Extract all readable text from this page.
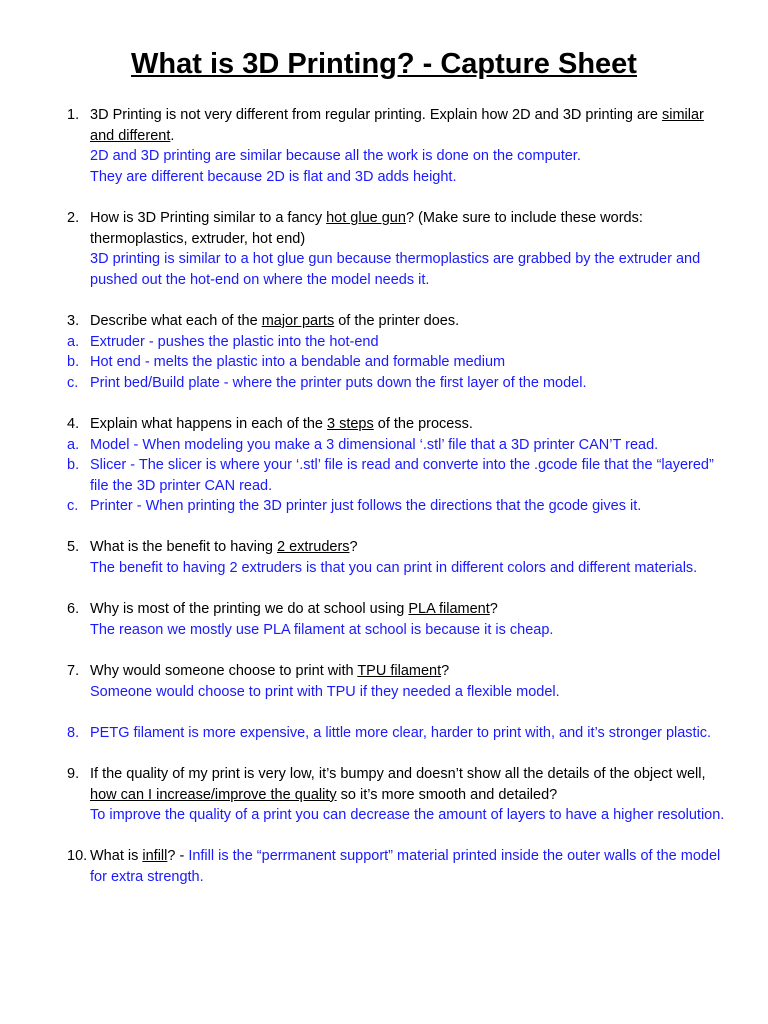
What is 3D Printing? - Capture Sheet
1. 3D Printing is not very different from regular printing. Explain how 2D and 3D printing are similar and different.
2D and 3D printing are similar because all the work is done on the computer.
They are different because 2D is flat and 3D adds height.
2. How is 3D Printing similar to a fancy hot glue gun? (Make sure to include these words: thermoplastics, extruder, hot end)
3D printing is similar to a hot glue gun because thermoplastics are grabbed by the extruder and pushed out the hot-end on where the model needs it.
3. Describe what each of the major parts of the printer does.
a. Extruder - pushes the plastic into the hot-end
b. Hot end - melts the plastic into a bendable and formable medium
c. Print bed/Build plate - where the printer puts down the first layer of the model.
4. Explain what happens in each of the 3 steps of the process.
a. Model - When modeling you make a 3 dimensional ‘.stl’ file that a 3D printer CAN’T read.
b. Slicer - The slicer is where your ‘.stl’ file is read and converte into the .gcode file that the “layered” file the 3D printer CAN read.
c. Printer - When printing the 3D printer just follows the directions that the gcode gives it.
5. What is the benefit to having 2 extruders?
The benefit to having 2 extruders is that you can print in different colors and different materials.
6. Why is most of the printing we do at school using PLA filament?
The reason we mostly use PLA filament at school is because it is cheap.
7. Why would someone choose to print with TPU filament?
Someone would choose to print with TPU if they needed a flexible model.
8. PETG filament is more expensive, a little more clear, harder to print with, and it’s stronger plastic.
9. If the quality of my print is very low, it’s bumpy and doesn’t show all the details of the object well, how can I increase/improve the quality so it’s more smooth and detailed?
To improve the quality of a print you can decrease the amount of layers to have a higher resolution.
10. What is infill? - Infill is the “perrmanent support” material printed inside the outer walls of the model for extra strength.
